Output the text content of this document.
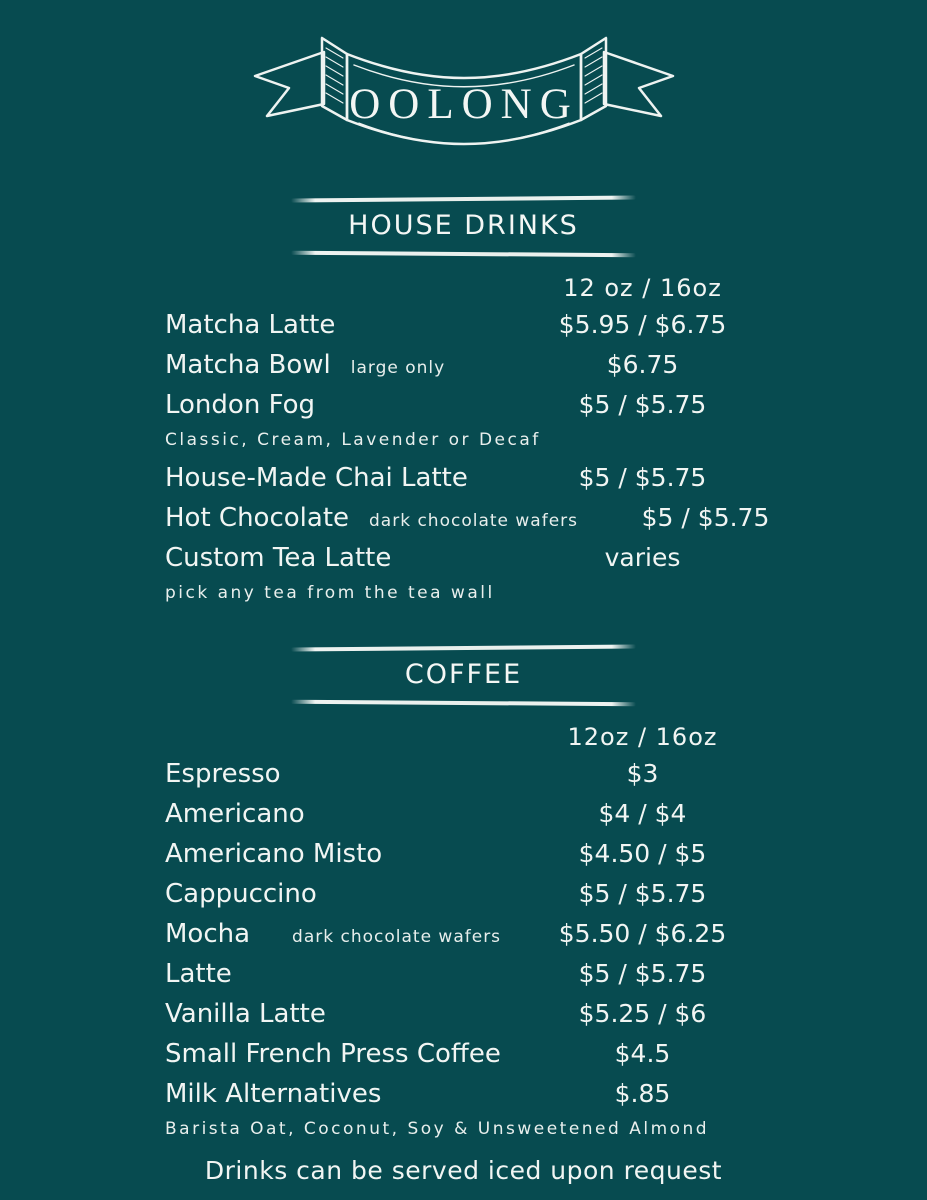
OOLONG
HOUSE DRINKS
12 oz / 16oz
Matcha Latte	$5.95 / $6.75
Matcha Bowl large only	$6.75
London Fog	$5 / $5.75
Classic, Cream, Lavender or Decaf
House-Made Chai Latte	$5 / $5.75
Hot Chocolate dark chocolate wafers	$5 / $5.75
Custom Tea Latte	varies
pick any tea from the tea wall
COFFEE
12oz / 16oz
Espresso	$3
Americano	$4 / $4
Americano Misto	$4.50 / $5
Cappuccino	$5 / $5.75
Mocha dark chocolate wafers	$5.50 / $6.25
Latte	$5 / $5.75
Vanilla Latte	$5.25 / $6
Small French Press Coffee	$4.5
Milk Alternatives	$.85
Barista Oat, Coconut, Soy & Unsweetened Almond
Drinks can be served iced upon request
